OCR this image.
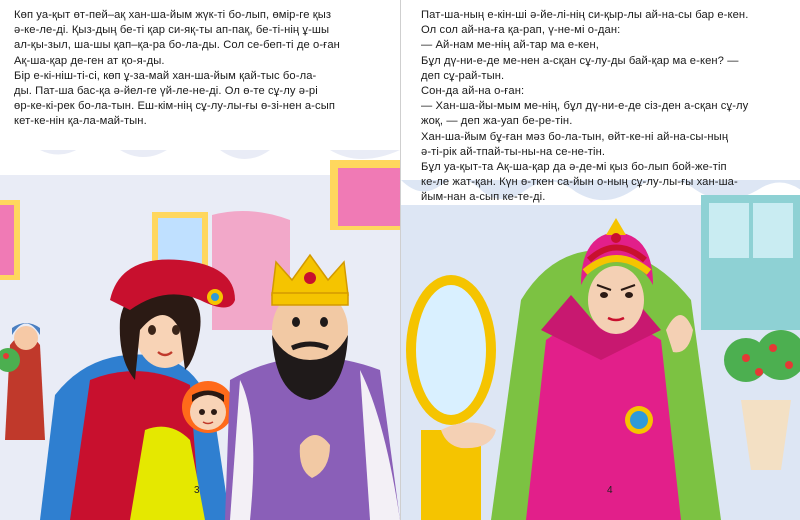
Көп уа-қыт өт-пей–ақ хан-ша-йым жүк-ті бо-лып, өмір-ге қыз
ә-ке-ле-ді. Қыз-дың бе-ті қар си-яқ-ты ап-пақ, бе-ті-нің ұ-шы
ал-қы-зыл, ша-шы қап–қа-ра бо-ла-ды. Сол се-беп-ті де о-ған
Ақ-ша-қар де-ген ат қо-я-ды.

Бір е-кі-ніш-ті-сі, көп ұ-за-май хан-ша-йым қай-тыс бо-ла-
ды. Пат-ша бас-қа ә-йел-ге үй-ле-не-ді. Ол ө-те сұ-лу ә-рі
өр-ке-кі-рек бо-ла-тын. Еш-кім-нің сұ-лу-лы-ғы ө-зі-нен а-сып
кет-ке-нін қа-ла-май-тын.

3

Пат-ша-ның е-кін-ші ә-йе-лі-нің си-қыр-лы ай-на-сы бар е-кен.
Ол сол ай-на-ға қа-рап, ү-не-мі о-дан:

— Ай-нам ме-нің ай-тар ма е-кен,

Бұл дү-ни-е-де ме-нен а-сқан сұ-лу-ды бай-қар ма е-кен? —
деп сұ-рай-тын.

Сон-да ай-на о-ған:

— Хан-ша-йы-мым ме-нің, бұл дү-ни-е-де сіз-ден а-сқан сұ-лу
жоқ, — деп жа-уап бе-ре-тін.

Хан-ша-йым бұ-ған мәз бо-ла-тын, өйт-ке-ні ай-на-сы-ның
ә-ті-рік ай-тпай-ты-ны-на се-не-тін.

Бұл уа-қыт-та Ақ-ша-қар да ә-де-мі қыз бо-лып бой-же-тіп
ке-ле жат-қан. Күн ө-ткен са-йын о-ның сұ-лу-лы-ғы хан-ша-
йым-нан а-сып ке-те-ді.

4
